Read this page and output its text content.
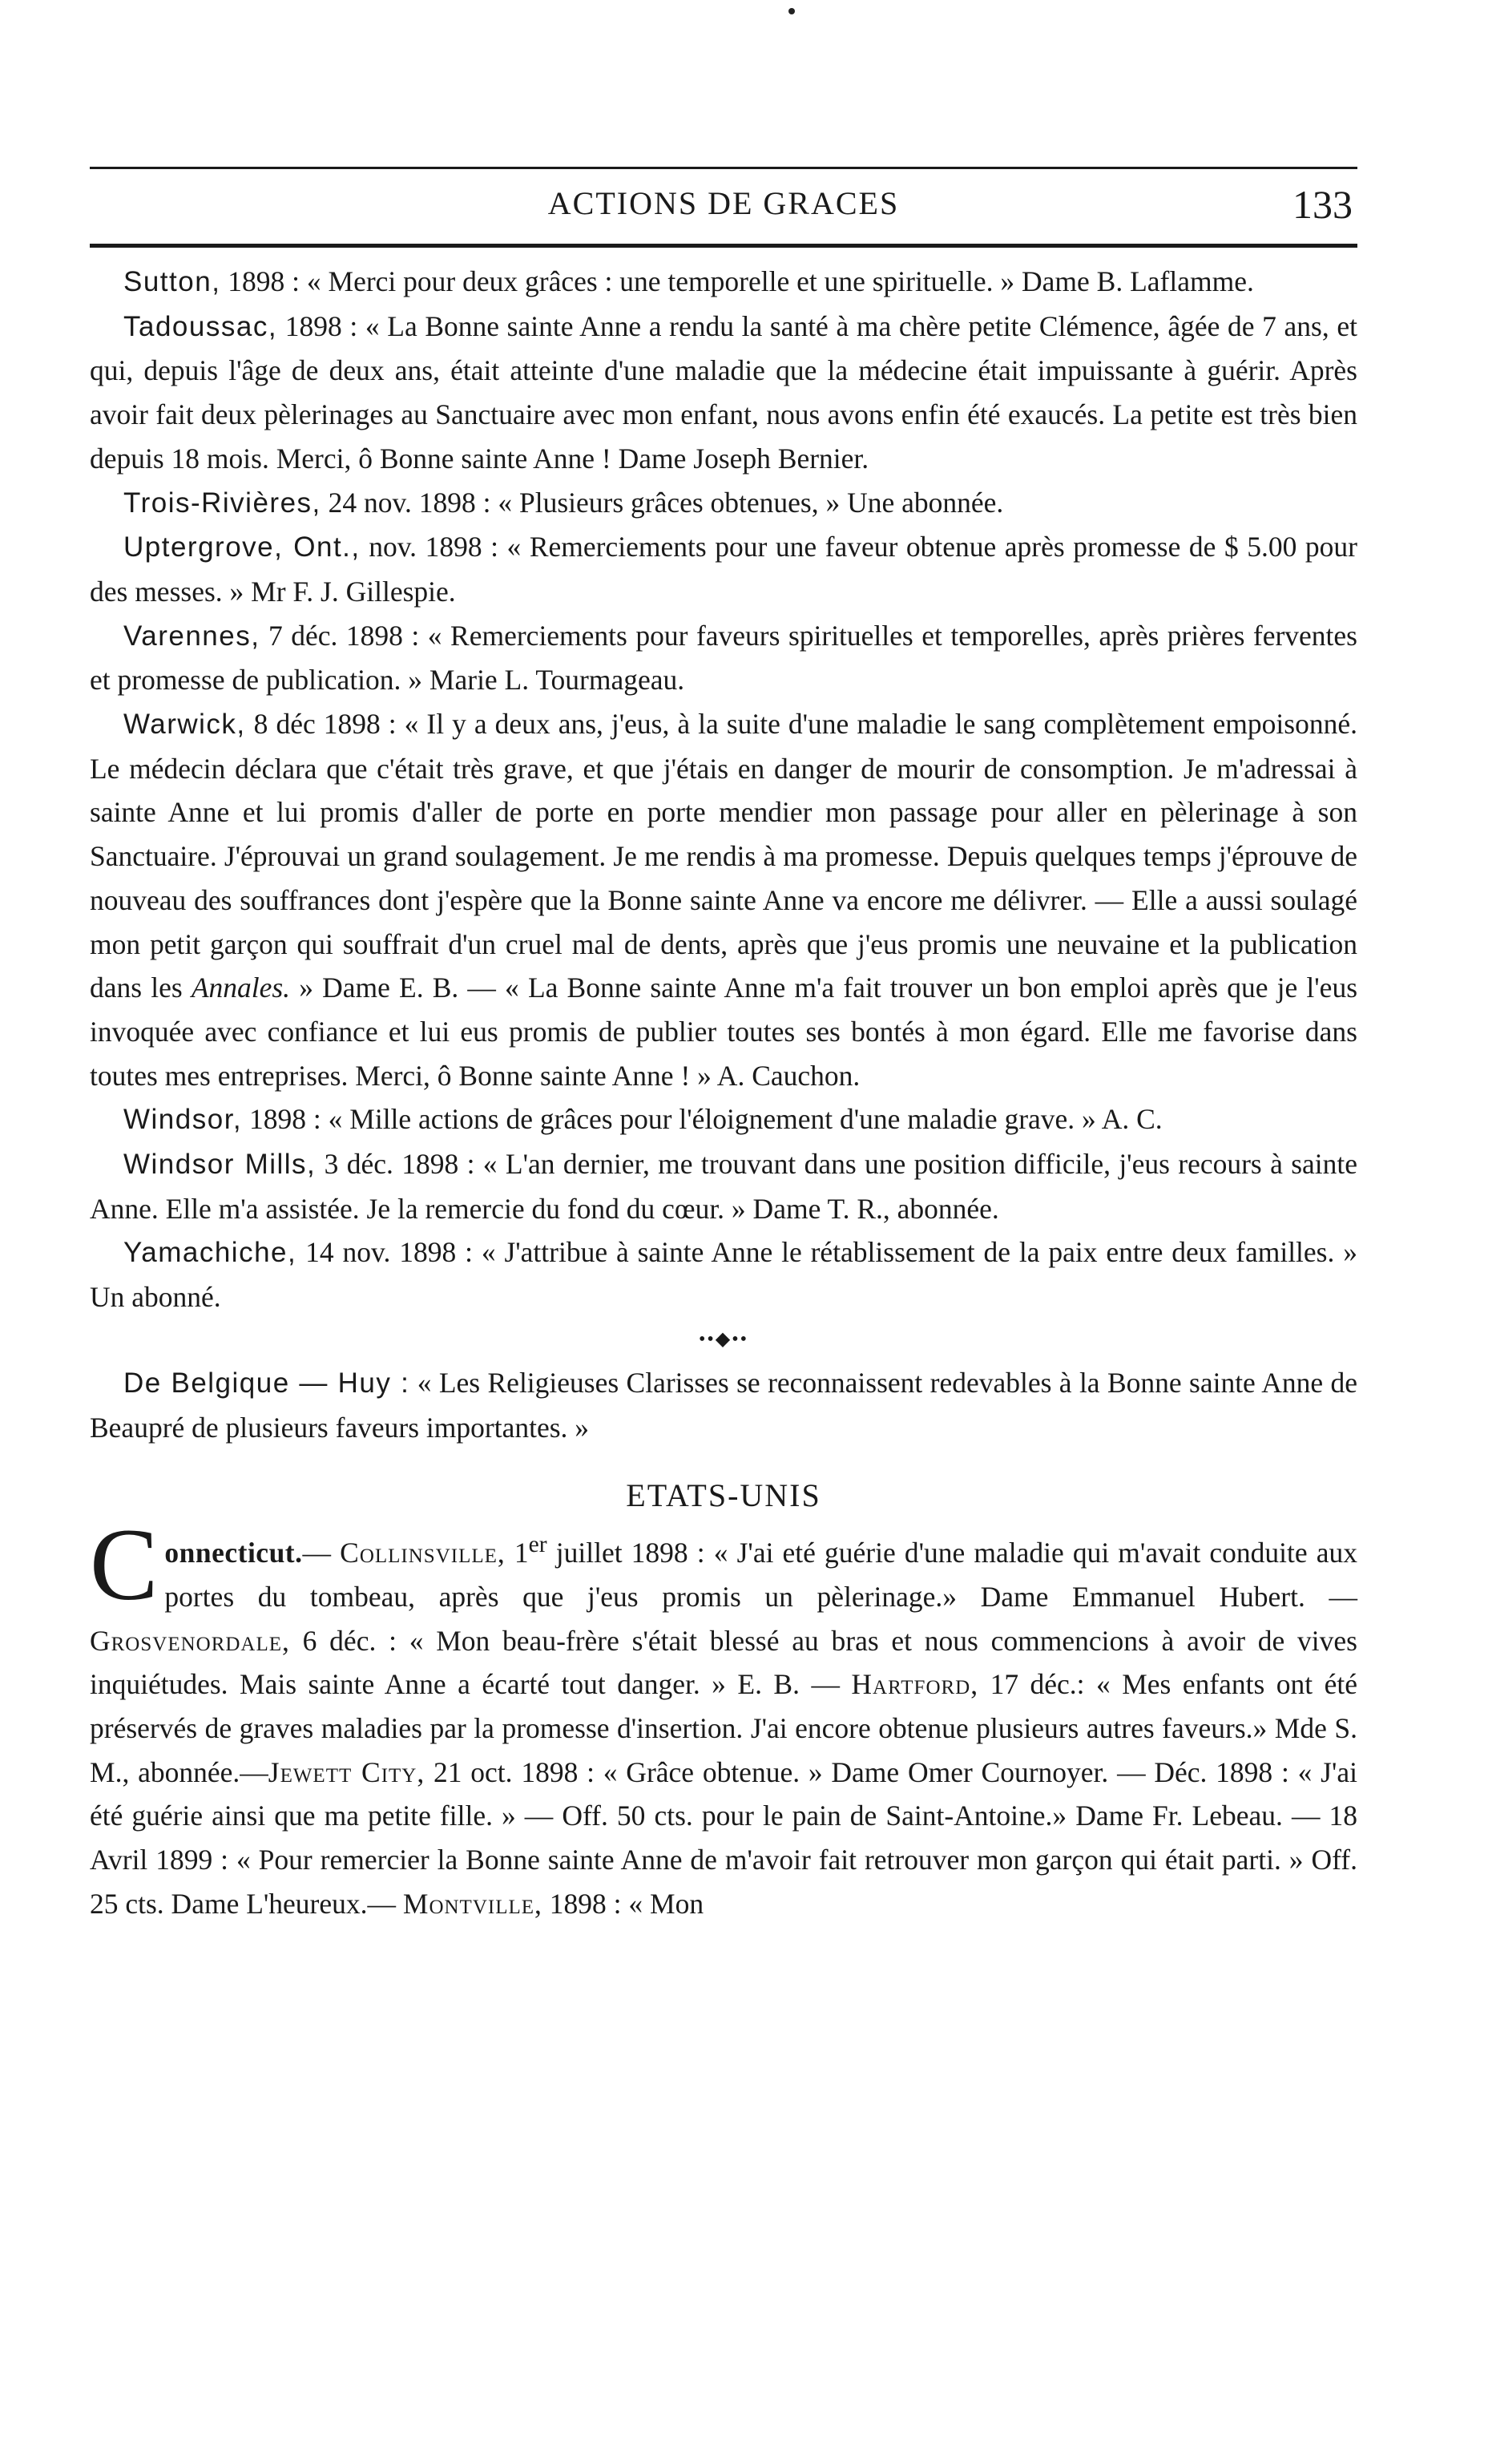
ACTIONS DE GRACES	133

Sutton, 1898 : « Merci pour deux grâces : une temporelle et une spirituelle. » Dame B. Laflamme.

Tadoussac, 1898 : « La Bonne sainte Anne a rendu la santé à ma chère petite Clémence, âgée de 7 ans, et qui, depuis l'âge de deux ans, était atteinte d'une maladie que la médecine était impuissante à guérir. Après avoir fait deux pèlerinages au Sanctuaire avec mon enfant, nous avons enfin été exaucés. La petite est très bien depuis 18 mois. Merci, ô Bonne sainte Anne ! Dame Joseph Bernier.

Trois-Rivières, 24 nov. 1898 : « Plusieurs grâces obtenues, » Une abonnée.

Uptergrove, Ont., nov. 1898 : « Remerciements pour une faveur obtenue après promesse de $ 5.00 pour des messes. » Mr F. J. Gillespie.

Varennes, 7 déc. 1898 : « Remerciements pour faveurs spirituelles et temporelles, après prières ferventes et promesse de publication. » Marie L. Tourmageau.

Warwick, 8 déc 1898 : « Il y a deux ans, j'eus, à la suite d'une maladie le sang complètement empoisonné. Le médecin déclara que c'était très grave, et que j'étais en danger de mourir de consomption. Je m'adressai à sainte Anne et lui promis d'aller de porte en porte mendier mon passage pour aller en pèlerinage à son Sanctuaire. J'éprouvai un grand soulagement. Je me rendis à ma promesse. Depuis quelques temps j'éprouve de nouveau des souffrances dont j'espère que la Bonne sainte Anne va encore me délivrer. — Elle a aussi soulagé mon petit garçon qui souffrait d'un cruel mal de dents, après que j'eus promis une neuvaine et la publication dans les Annales. » Dame E. B. — « La Bonne sainte Anne m'a fait trouver un bon emploi après que je l'eus invoquée avec confiance et lui eus promis de publier toutes ses bontés à mon égard. Elle me favorise dans toutes mes entreprises. Merci, ô Bonne sainte Anne ! » A. Cauchon.

Windsor, 1898 : « Mille actions de grâces pour l'éloignement d'une maladie grave. » A. C.

Windsor Mills, 3 déc. 1898 : « L'an dernier, me trouvant dans une position difficile, j'eus recours à sainte Anne. Elle m'a assistée. Je la remercie du fond du cœur. » Dame T. R., abonnée.

Yamachiche, 14 nov. 1898 : « J'attribue à sainte Anne le rétablissement de la paix entre deux familles. » Un abonné.

••◆••

De Belgique — Huy : « Les Religieuses Clarisses se reconnaissent redevables à la Bonne sainte Anne de Beaupré de plusieurs faveurs importantes. »

ETATS-UNIS

Connecticut.— Collinsville, 1er juillet 1898 : « J'ai eté guérie d'une maladie qui m'avait conduite aux portes du tombeau, après que j'eus promis un pèlerinage.» Dame Emmanuel Hubert. — Grosvenordale, 6 déc. : « Mon beau-frère s'était blessé au bras et nous commencions à avoir de vives inquiétudes. Mais sainte Anne a écarté tout danger. » E. B. — Hartford, 17 déc.: « Mes enfants ont été préservés de graves maladies par la promesse d'insertion. J'ai encore obtenue plusieurs autres faveurs.» Mde S. M., abonnée.—Jewett City, 21 oct. 1898 : « Grâce obtenue. » Dame Omer Cournoyer. — Déc. 1898 : « J'ai été guérie ainsi que ma petite fille. » — Off. 50 cts. pour le pain de Saint-Antoine.» Dame Fr. Lebeau. — 18 Avril 1899 : « Pour remercier la Bonne sainte Anne de m'avoir fait retrouver mon garçon qui était parti. » Off. 25 cts. Dame L'heureux.— Montville, 1898 : « Mon
